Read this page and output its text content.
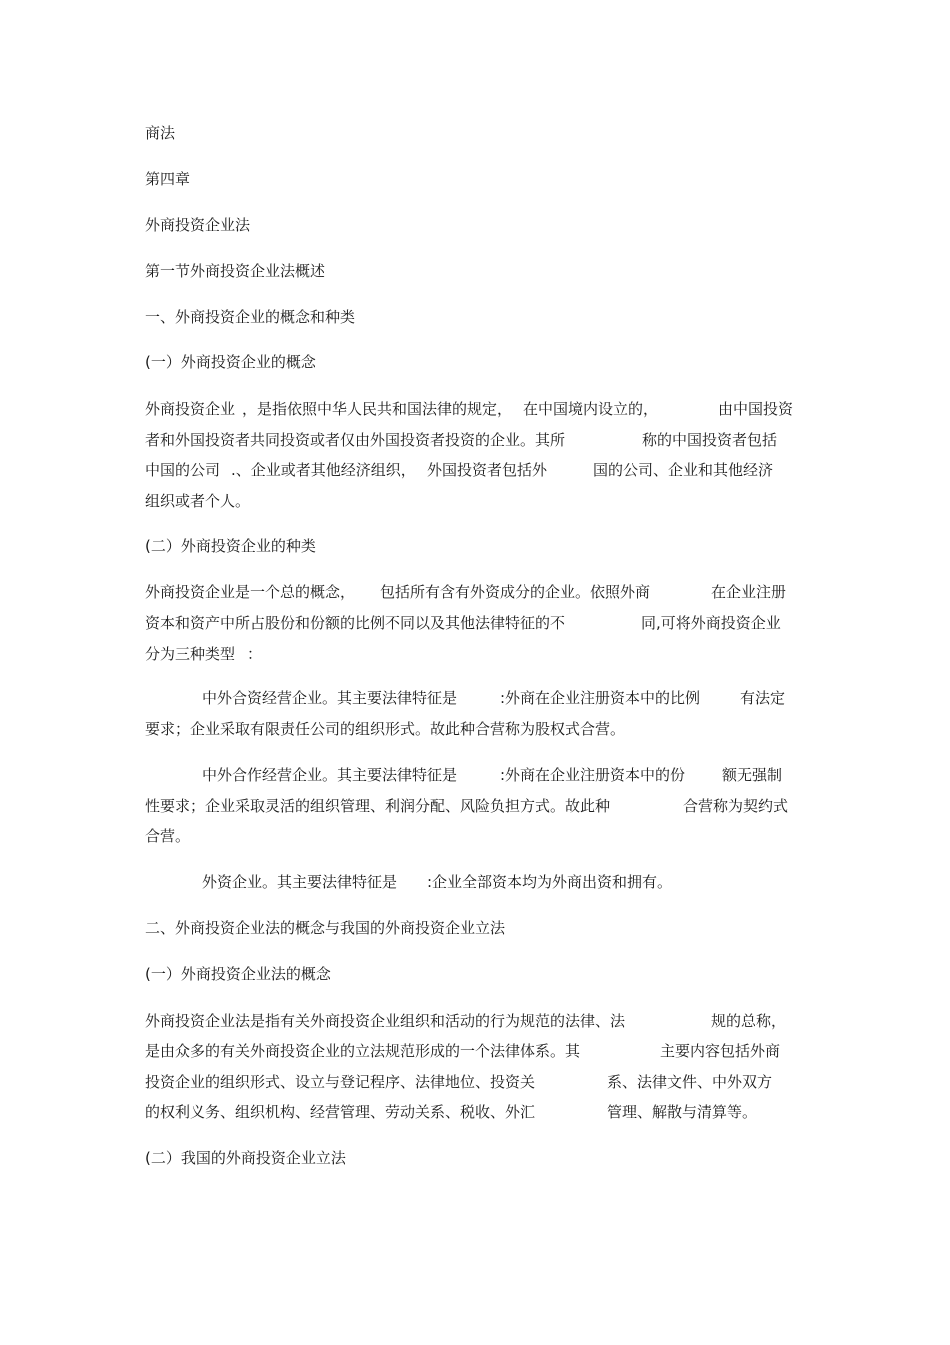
商法
第四章
外商投资企业法
第一节外商投资企业法概述
一、外商投资企业的概念和种类
(一）外商投资企业的概念

外商投资企业

，是指依照中华人民共和国法律的规定，

在中国境内设立的，

	由中国投资

者和外国投资者共同投资或者仅由外国投资者投资的企业。其所

	称的中国投资者包括

中国的公司

.、企业或者其他经济组织，

外国投资者包括外

	国的公司、企业和其他经济

组织或者个人。
(二）外商投资企业的种类

外商投资企业是一个总的概念，

包括所有含有外资成分的企业。依照外商

	在企业注册

资本和资产中所占股份和份额的比例不同以及其他法律特征的不

	同,可将外商投资企业

分为三种类型

：

中外合资经营企业。其主要法律特征是

	:外商在企业注册资本中的比例

	有法定

要求；企业采取有限责任公司的组织形式。故此种合营称为股权式合营。

中外合作经营企业。其主要法律特征是

	:外商在企业注册资本中的份

额无强制

性要求；企业采取灵活的组织管理、利润分配、风险负担方式。故此种

	合营称为契约式

合营。

外资企业。其主要法律特征是

:企业全部资本均为外商出资和拥有。

二、外商投资企业法的概念与我国的外商投资企业立法
(一）外商投资企业法的概念

外商投资企业法是指有关外商投资企业组织和活动的行为规范的法律、法

	规的总称，

是由众多的有关外商投资企业的立法规范形成的一个法律体系。其

	主要内容包括外商

投资企业的组织形式、设立与登记程序、法律地位、投资关

	系、法律文件、中外双方

的权利义务、组织机构、经营管理、劳动关系、税收、外汇

	管理、解散与清算等。

(二）我国的外商投资企业立法
